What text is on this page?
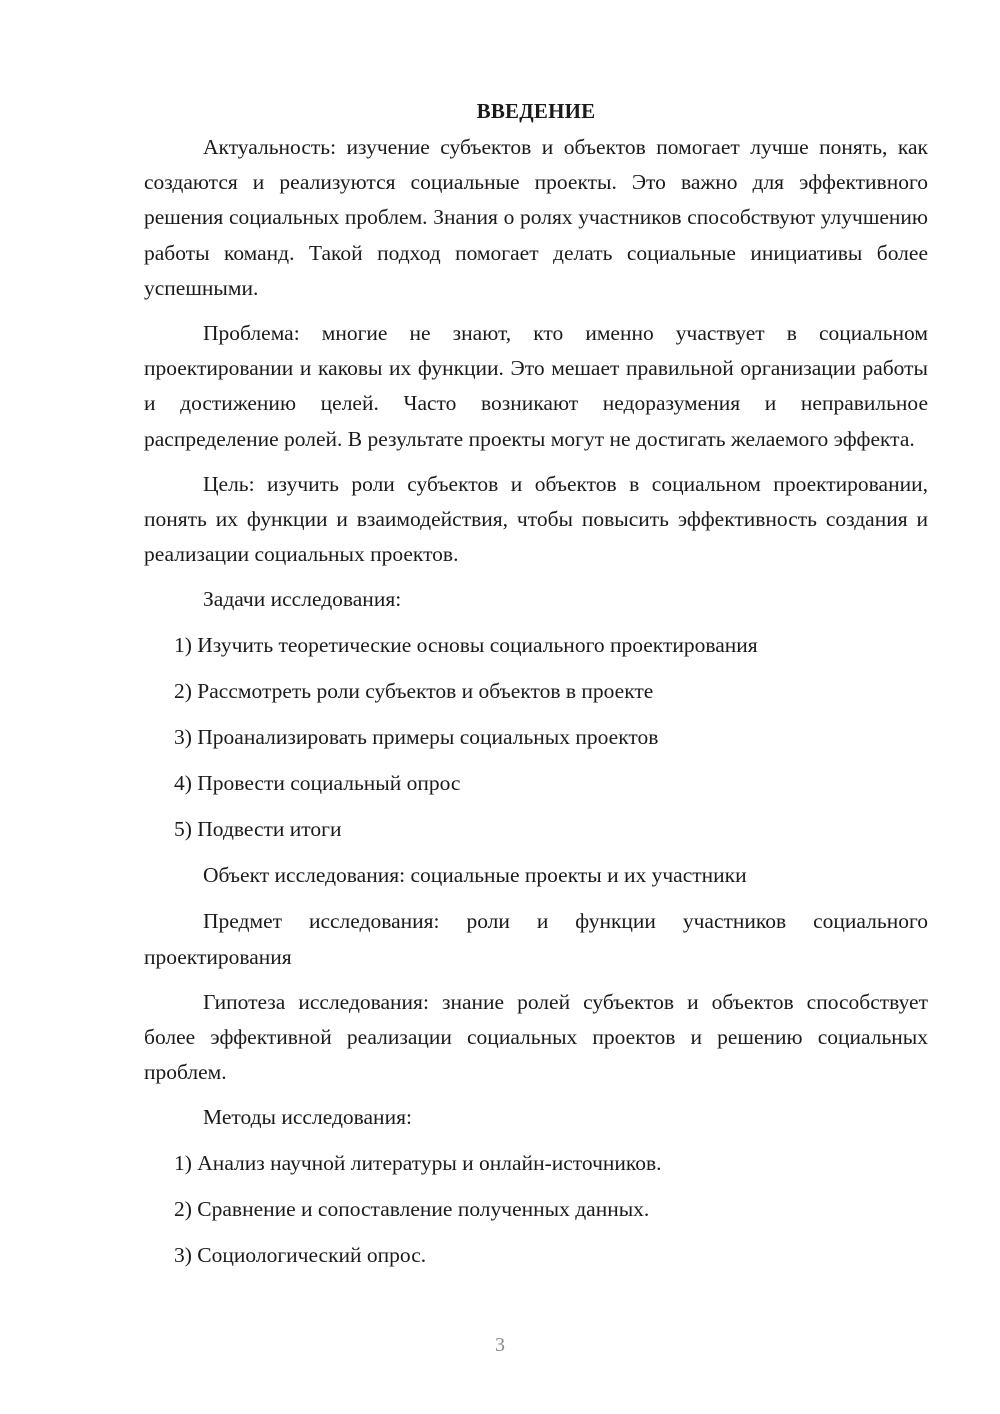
ВВЕДЕНИЕ

Актуальность: изучение субъектов и объектов помогает лучше понять, как создаются и реализуются социальные проекты. Это важно для эффективного решения социальных проблем. Знания о ролях участников способствуют улучшению работы команд. Такой подход помогает делать социальные инициативы более успешными.

Проблема: многие не знают, кто именно участвует в социальном проектировании и каковы их функции. Это мешает правильной организации работы и достижению целей. Часто возникают недоразумения и неправильное распределение ролей. В результате проекты могут не достигать желаемого эффекта.

Цель: изучить роли субъектов и объектов в социальном проектировании, понять их функции и взаимодействия, чтобы повысить эффективность создания и реализации социальных проектов.

Задачи исследования:
1) Изучить теоретические основы социального проектирования
2) Рассмотреть роли субъектов и объектов в проекте
3) Проанализировать примеры социальных проектов
4) Провести социальный опрос
5) Подвести итоги
Объект исследования: социальные проекты и их участники

Предмет исследования: роли и функции участников социального проектирования

Гипотеза исследования: знание ролей субъектов и объектов способствует более эффективной реализации социальных проектов и решению социальных проблем.

Методы исследования:
1) Анализ научной литературы и онлайн-источников.
2) Сравнение и сопоставление полученных данных.
3) Социологический опрос.
3
